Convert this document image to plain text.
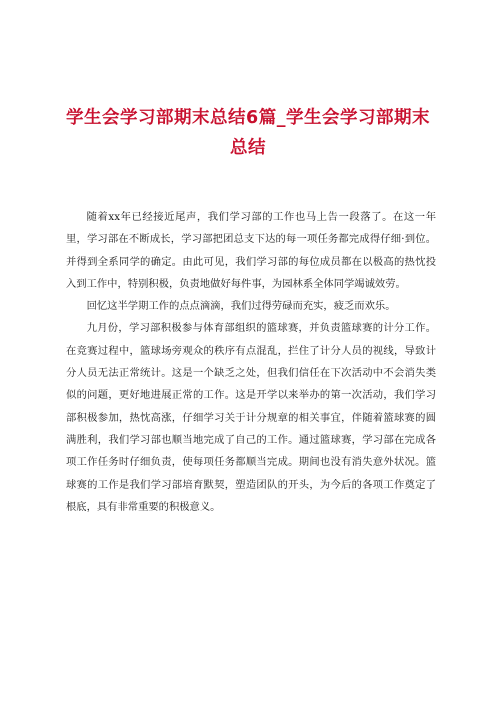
学生会学习部期末总结6篇_学生会学习部期末总结

随着xx年已经接近尾声，我们学习部的工作也马上告一段落了。在这一年里，学习部在不断成长，学习部把团总支下达的每一项任务都完成得仔细·到位。并得到全系同学的确定。由此可见，我们学习部的每位成员都在以极高的热忱投入到工作中，特别积极，负责地做好每件事，为园林系全体同学竭诚效劳。

回忆这半学期工作的点点滴滴，我们过得劳碌而充实，疲乏而欢乐。

九月份，学习部积极参与体育部组织的篮球赛，并负责篮球赛的计分工作。在竞赛过程中，篮球场旁观众的秩序有点混乱，拦住了计分人员的视线，导致计分人员无法正常统计。这是一个缺乏之处，但我们信任在下次活动中不会消失类似的问题，更好地进展正常的工作。这是开学以来举办的第一次活动，我们学习部积极参加，热忱高涨，仔细学习关于计分规章的相关事宜，伴随着篮球赛的圆满胜利，我们学习部也顺当地完成了自己的工作。通过篮球赛，学习部在完成各项工作任务时仔细负责，使每项任务都顺当完成。期间也没有消失意外状况。篮球赛的工作是我们学习部培育默契，塑造团队的开头，为今后的各项工作奠定了根底，具有非常重要的积极意义。
